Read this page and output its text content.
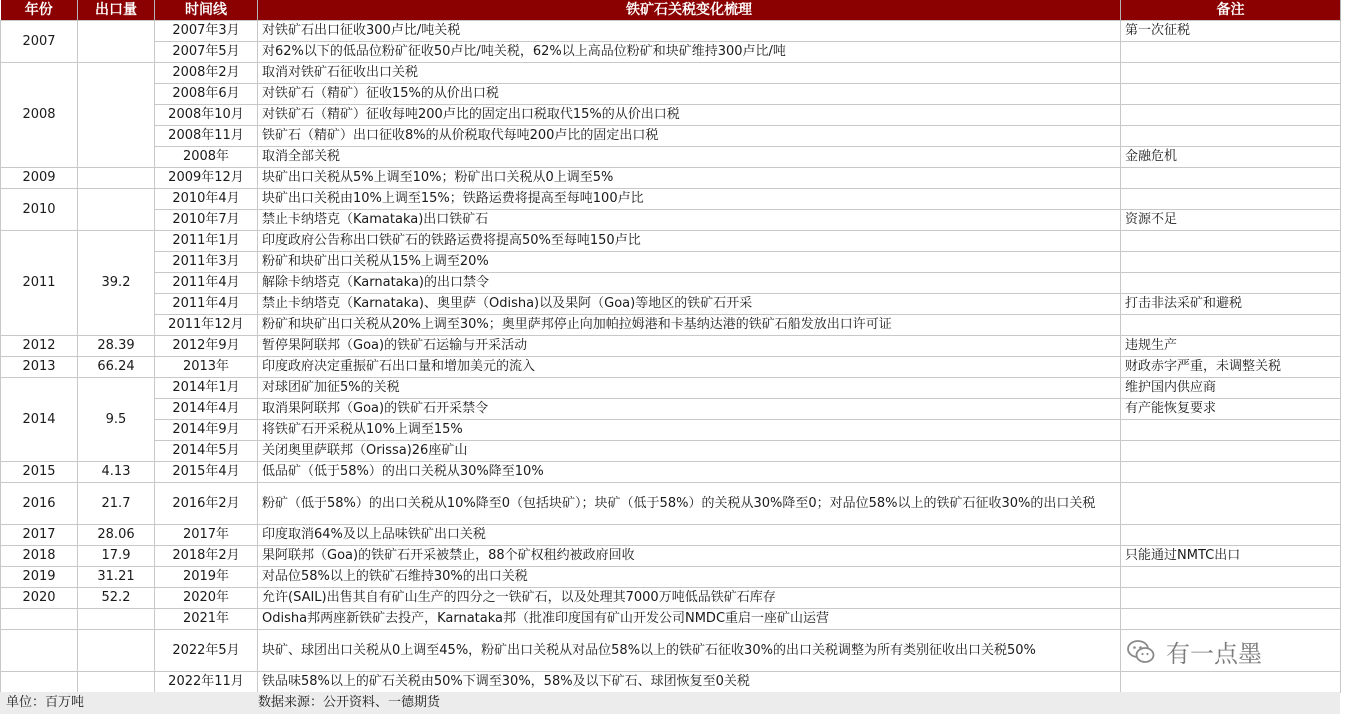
年份	出口量	时间线	铁矿石关税变化梳理	备注
2007		2007年3月	对铁矿石出口征收300卢比/吨关税	第一次征税
		2007年5月	对62%以下的低品位粉矿征收50卢比/吨关税，62%以上高品位粉矿和块矿维持300卢比/吨	
2008		2008年2月	取消对铁矿石征收出口关税	
		2008年6月	对铁矿石（精矿）征收15%的从价出口税	
		2008年10月	对铁矿石（精矿）征收每吨200卢比的固定出口税取代15%的从价出口税	
		2008年11月	铁矿石（精矿）出口征收8%的从价税取代每吨200卢比的固定出口税	
		2008年	取消全部关税	金融危机
2009		2009年12月	块矿出口关税从5%上调至10%；粉矿出口关税从0上调至5%	
2010		2010年4月	块矿出口关税由10%上调至15%；铁路运费将提高至每吨100卢比	
		2010年7月	禁止卡纳塔克（Kamataka)出口铁矿石	资源不足
2011	39.2	2011年1月	印度政府公告称出口铁矿石的铁路运费将提高50%至每吨150卢比	
		2011年3月	粉矿和块矿出口关税从15%上调至20%	
		2011年4月	解除卡纳塔克（Karnataka)的出口禁令	
		2011年4月	禁止卡纳塔克（Karnataka)、奥里萨（Odisha)以及果阿（Goa)等地区的铁矿石开采	打击非法采矿和避税
		2011年12月	粉矿和块矿出口关税从20%上调至30%；奥里萨邦停止向加帕拉姆港和卡基纳达港的铁矿石船发放出口许可证	
2012	28.39	2012年9月	暂停果阿联邦（Goa)的铁矿石运输与开采活动	违规生产
2013	66.24	2013年	印度政府决定重振矿石出口量和增加美元的流入	财政赤字严重，未调整关税
2014	9.5	2014年1月	对球团矿加征5%的关税	维护国内供应商
		2014年4月	取消果阿联邦（Goa)的铁矿石开采禁令	有产能恢复要求
		2014年9月	将铁矿石开采税从10%上调至15%	
		2014年5月	关闭奥里萨联邦（Orissa)26座矿山	
2015	4.13	2015年4月	低品矿（低于58%）的出口关税从30%降至10%	
2016	21.7	2016年2月	粉矿（低于58%）的出口关税从10%降至0（包括块矿）；块矿（低于58%）的关税从30%降至0；对品位58%以上的铁矿石征收30%的出口关税	
2017	28.06	2017年	印度取消64%及以上品味铁矿出口关税	
2018	17.9	2018年2月	果阿联邦（Goa)的铁矿石开采被禁止，88个矿权租约被政府回收	只能通过NMTC出口
2019	31.21	2019年	对品位58%以上的铁矿石维持30%的出口关税	
2020	52.2	2020年	允许(SAIL)出售其自有矿山生产的四分之一铁矿石，以及处理其7000万吨低品铁矿石库存	
		2021年	Odisha邦两座新铁矿去投产，Karnataka邦（批准印度国有矿山开发公司NMDC重启一座矿山运营	
		2022年5月	块矿、球团出口关税从0上调至45%，粉矿出口关税从对品位58%以上的铁矿石征收30%的出口关税调整为所有类别征收出口关税50%	
		2022年11月	铁品味58%以上的矿石关税由50%下调至30%，58%及以下矿石、球团恢复至0关税	
有一点墨
单位：百万吨	数据来源：公开资料、一德期货
